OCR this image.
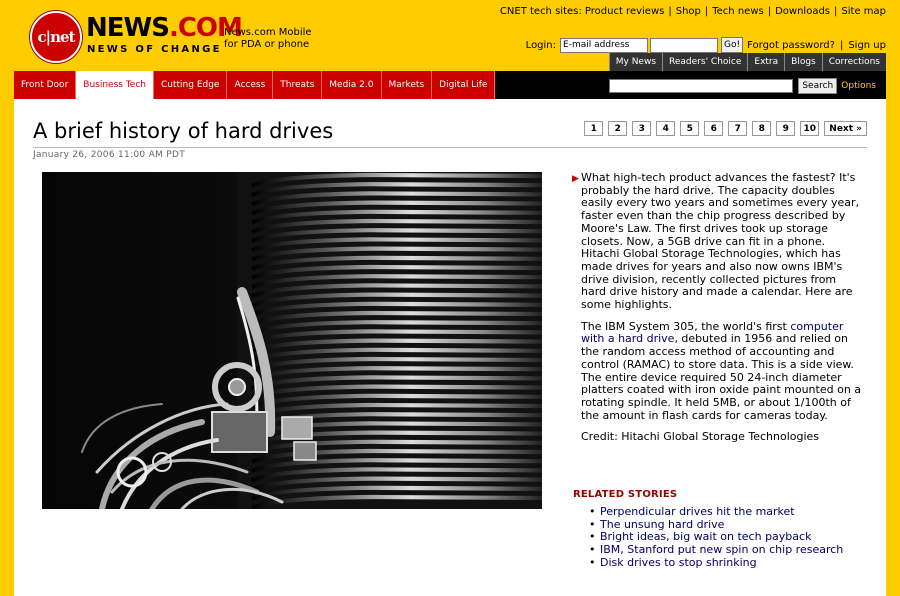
c|net NEWS.COM
NEWS OF CHANGE
News.com Mobile
for PDA or phone
CNET tech sites: Product reviews | Shop | Tech news | Downloads | Site map
Login:
E-mail address	Go! Forgot password? | Sign up
My News	Readers' Choice	Extra	Blogs	Corrections
Front Door	Business Tech	Cutting Edge	Access	Threats	Media 2.0	Markets	Digital Life	Search Options
A brief history of hard drives	1	2	3	4	5	6	7	8	9	10	Next »
January 26, 2006 11:00 AM PDT

▶ What high-tech product advances the fastest? It's probably the hard drive. The capacity doubles easily every two years and sometimes every year, faster even than the chip progress described by Moore's Law. The first drives took up storage closets. Now, a 5GB drive can fit in a phone. Hitachi Global Storage Technologies, which has made drives for years and also now owns IBM's drive division, recently collected pictures from hard drive history and made a calendar. Here are some highlights.

The IBM System 305, the world's first computer with a hard drive, debuted in 1956 and relied on the random access method of accounting and control (RAMAC) to store data. This is a side view. The entire device required 50 24-inch diameter platters coated with iron oxide paint mounted on a rotating spindle. It held 5MB, or about 1/100th of the amount in flash cards for cameras today.

Credit: Hitachi Global Storage Technologies

RELATED STORIES
• Perpendicular drives hit the market
• The unsung hard drive
• Bright ideas, big wait on tech payback
• IBM, Stanford put new spin on chip research
• Disk drives to stop shrinking
